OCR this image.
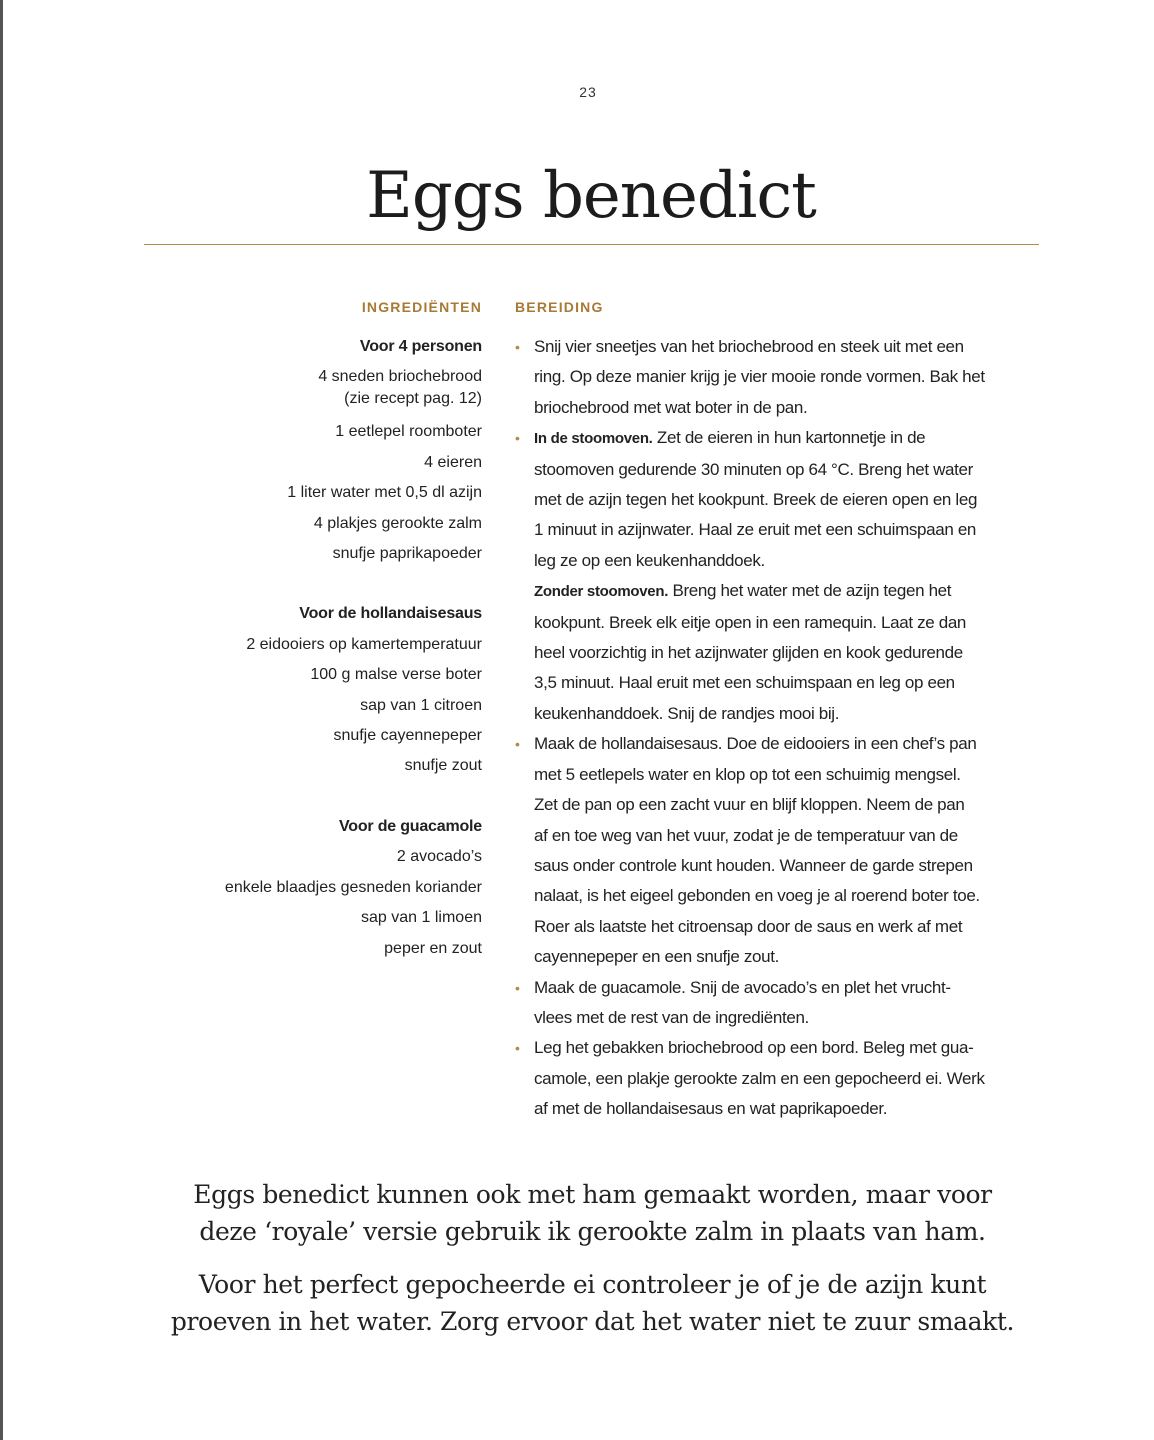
23
Eggs benedict
INGREDIËNTEN
Voor 4 personen
4 sneden briochebrood
(zie recept pag. 12)
1 eetlepel roomboter
4 eieren
1 liter water met 0,5 dl azijn
4 plakjes gerookte zalm
snufje paprikapoeder
Voor de hollandaisesaus
2 eidooiers op kamertemperatuur
100 g malse verse boter
sap van 1 citroen
snufje cayennepeper
snufje zout
Voor de guacamole
2 avocado’s
enkele blaadjes gesneden koriander
sap van 1 limoen
peper en zout
BEREIDING
• Snij vier sneetjes van het briochebrood en steek uit met een
ring. Op deze manier krijg je vier mooie ronde vormen. Bak het
briochebrood met wat boter in de pan.
• In de stoomoven. Zet de eieren in hun kartonnetje in de
stoomoven gedurende 30 minuten op 64 °C. Breng het water
met de azijn tegen het kookpunt. Breek de eieren open en leg
1 minuut in azijnwater. Haal ze eruit met een schuimspaan en
leg ze op een keukenhanddoek.
Zonder stoomoven. Breng het water met de azijn tegen het
kookpunt. Breek elk eitje open in een ramequin. Laat ze dan
heel voorzichtig in het azijnwater glijden en kook gedurende
3,5 minuut. Haal eruit met een schuimspaan en leg op een
keukenhanddoek. Snij de randjes mooi bij.
• Maak de hollandaisesaus. Doe de eidooiers in een chef’s pan
met 5 eetlepels water en klop op tot een schuimig mengsel.
Zet de pan op een zacht vuur en blijf kloppen. Neem de pan
af en toe weg van het vuur, zodat je de temperatuur van de
saus onder controle kunt houden. Wanneer de garde strepen
nalaat, is het eigeel gebonden en voeg je al roerend boter toe.
Roer als laatste het citroensap door de saus en werk af met
cayennepeper en een snufje zout.
• Maak de guacamole. Snij de avocado’s en plet het vrucht-
vlees met de rest van de ingrediënten.
• Leg het gebakken briochebrood op een bord. Beleg met gua-
camole, een plakje gerookte zalm en een gepocheerd ei. Werk
af met de hollandaisesaus en wat paprikapoeder.

Eggs benedict kunnen ook met ham gemaakt worden, maar voor
deze ‘royale’ versie gebruik ik gerookte zalm in plaats van ham.

Voor het perfect gepocheerde ei controleer je of je de azijn kunt
proeven in het water. Zorg ervoor dat het water niet te zuur smaakt.
